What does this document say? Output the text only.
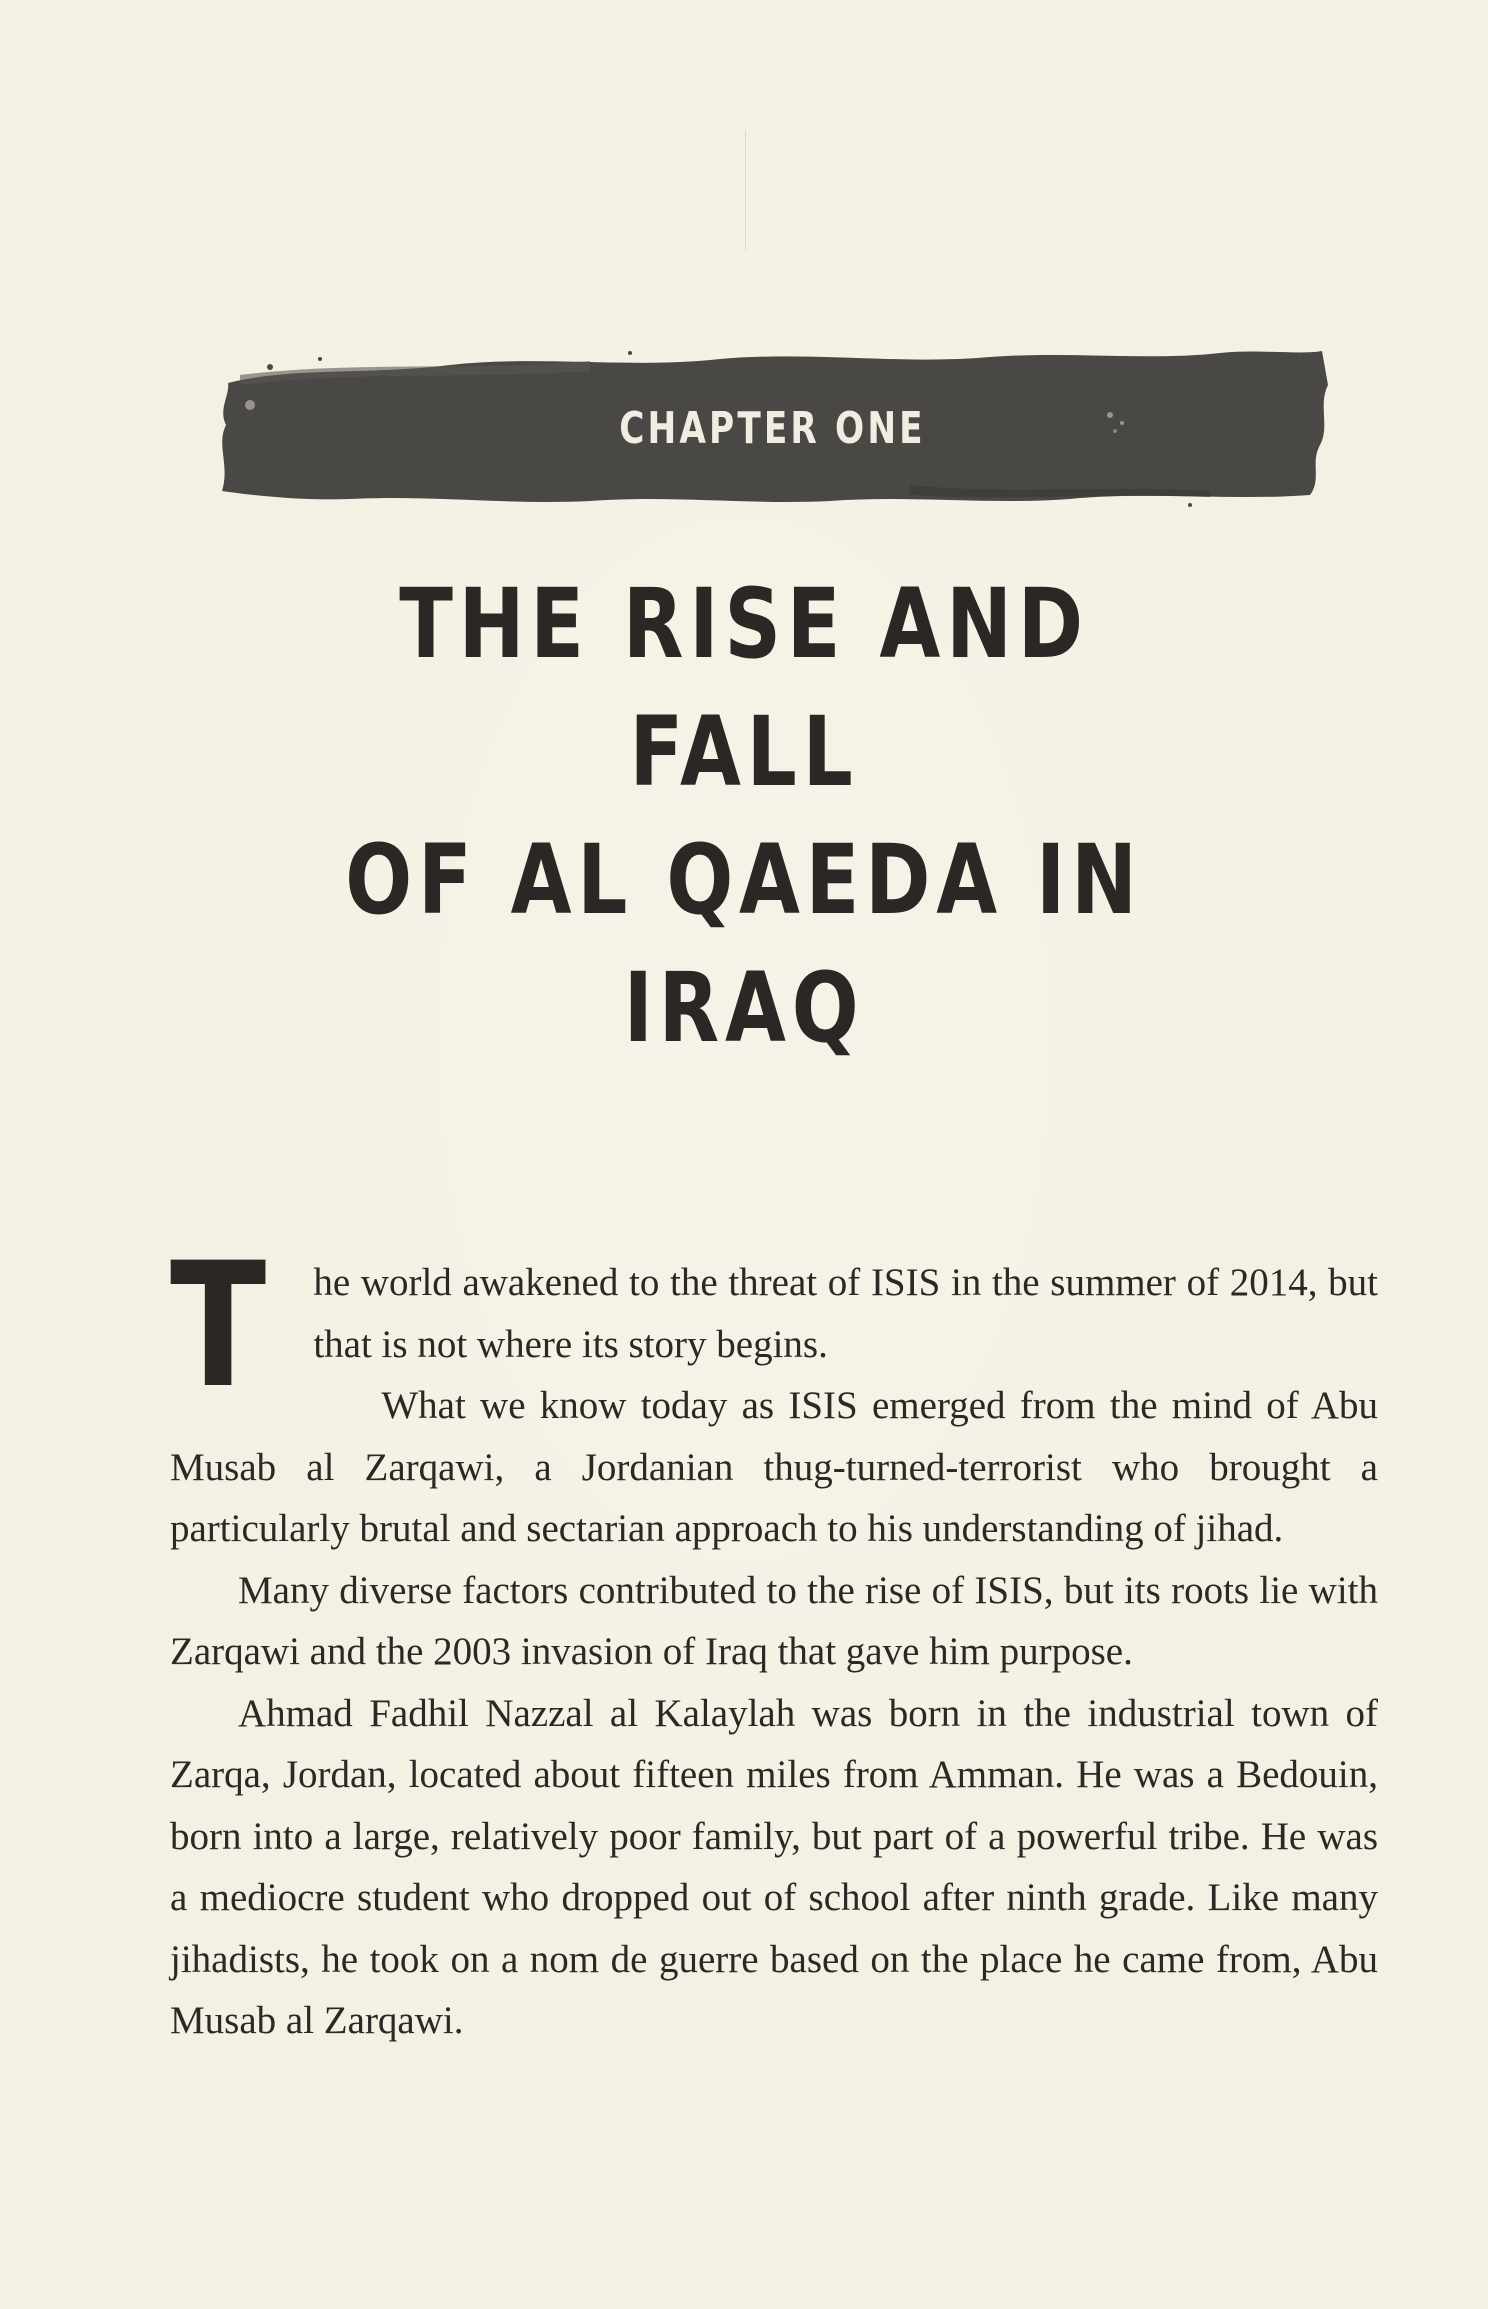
CHAPTER ONE
THE RISE AND FALL
OF AL QAEDA IN IRAQ

T he world awakened to the threat of ISIS in the summer of 2014, but that is not where its story begins.

What we know today as ISIS emerged from the mind of Abu Musab al Zarqawi, a Jordanian thug-turned-terrorist who brought a particularly brutal and sectarian approach to his understanding of jihad.

Many diverse factors contributed to the rise of ISIS, but its roots lie with Zarqawi and the 2003 invasion of Iraq that gave him purpose.

Ahmad Fadhil Nazzal al Kalaylah was born in the industrial town of Zarqa, Jordan, located about fifteen miles from Amman. He was a Bedouin, born into a large, relatively poor family, but part of a powerful tribe. He was a mediocre student who dropped out of school after ninth grade. Like many jihadists, he took on a nom de guerre based on the place he came from, Abu Musab al Zarqawi.
